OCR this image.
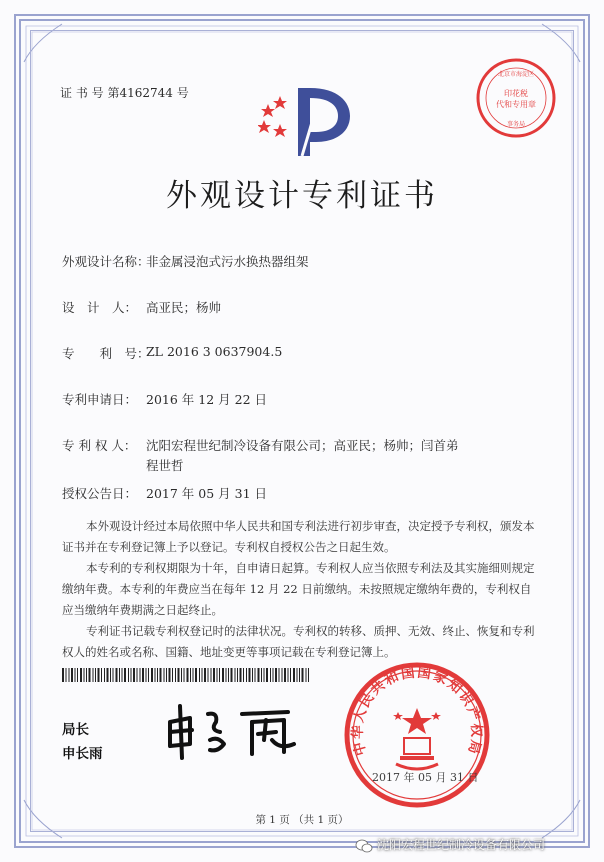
证 书 号 第4162744 号	印花税
代和专用章
北京市海淀区
事务局
外观设计专利证书
外观设计名称：
非金属浸泡式污水换热器组架
设　计　人： 高亚民；杨帅
专　　利　号：
ZL 2016 3 0637904.5
专利申请日： 2016 年 12 月 22 日
专 利 权 人： 沈阳宏程世纪制冷设备有限公司；高亚民；杨帅；闫首弟
程世哲
授权公告日： 2017 年 05 月 31 日

本外观设计经过本局依照中华人民共和国专利法进行初步审查，决定授予专利权，颁发本证书并在专利登记簿上予以登记。专利权自授权公告之日起生效。

本专利的专利权期限为十年，自申请日起算。专利权人应当依照专利法及其实施细则规定缴纳年费。本专利的年费应当在每年 12 月 22 日前缴纳。未按照规定缴纳年费的，专利权自应当缴纳年费期满之日起终止。

专利证书记载专利权登记时的法律状况。专利权的转移、质押、无效、终止、恢复和专利权人的姓名或名称、国籍、地址变更等事项记载在专利登记簿上。

局长
申长雨	中华人民共和国国家知识产权局
2017 年 05 月 31 日
第 1 页 （共 1 页）
沈阳宏程世纪制冷设备有限公司
